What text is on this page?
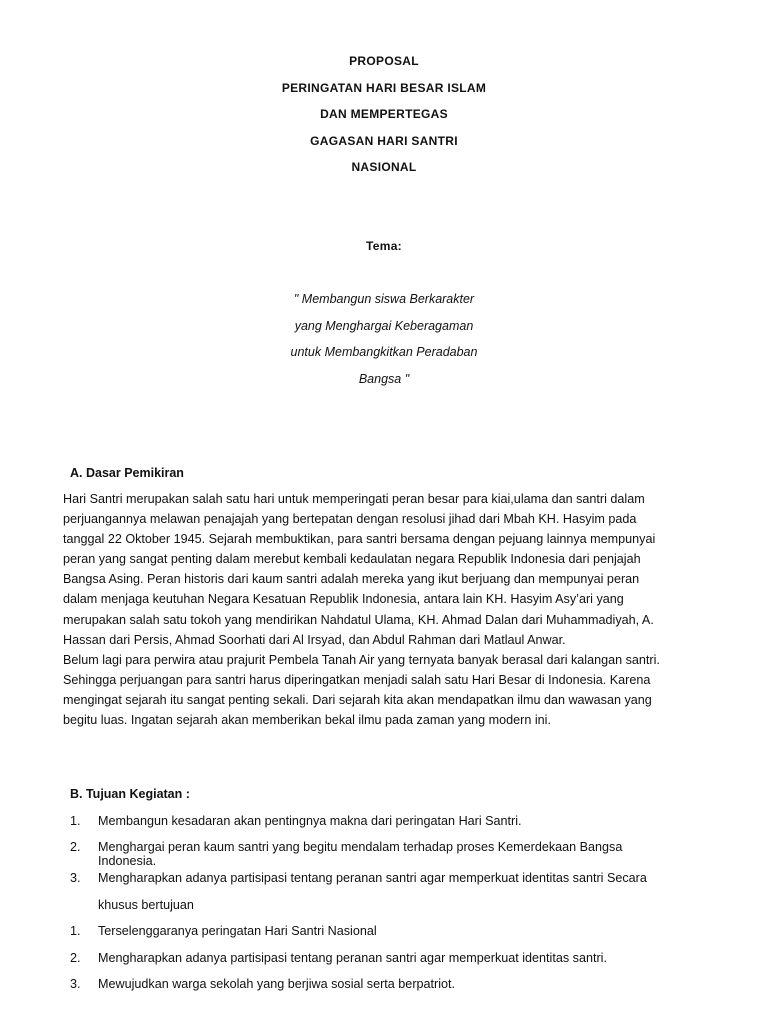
PROPOSAL
PERINGATAN HARI BESAR ISLAM
DAN MEMPERTEGAS
GAGASAN HARI SANTRI
NASIONAL
Tema:
" Membangun siswa Berkarakter
yang Menghargai Keberagaman
untuk Membangkitkan Peradaban
Bangsa "
A. Dasar Pemikiran
Hari Santri merupakan salah satu hari untuk memperingati peran besar para kiai,ulama dan santri dalam
perjuangannya melawan penajajah yang bertepatan dengan resolusi jihad dari Mbah KH. Hasyim pada
tanggal 22 Oktober 1945. Sejarah membuktikan, para santri bersama dengan pejuang lainnya mempunyai
peran yang sangat penting dalam merebut kembali kedaulatan negara Republik Indonesia dari penjajah
Bangsa Asing. Peran historis dari kaum santri adalah mereka yang ikut berjuang dan mempunyai peran
dalam menjaga keutuhan Negara Kesatuan Republik Indonesia, antara lain KH. Hasyim Asy’ari yang
merupakan salah satu tokoh yang mendirikan Nahdatul Ulama, KH. Ahmad Dalan dari Muhammadiyah, A.
Hassan dari Persis, Ahmad Soorhati dari Al Irsyad, dan Abdul Rahman dari Matlaul Anwar.
Belum lagi para perwira atau prajurit Pembela Tanah Air yang ternyata banyak berasal dari kalangan santri.
Sehingga perjuangan para santri harus diperingatkan menjadi salah satu Hari Besar di Indonesia. Karena
mengingat sejarah itu sangat penting sekali. Dari sejarah kita akan mendapatkan ilmu dan wawasan yang
begitu luas. Ingatan sejarah akan memberikan bekal ilmu pada zaman yang modern ini.
B. Tujuan Kegiatan :
1. Membangun kesadaran akan pentingnya makna dari peringatan Hari Santri.
2. Menghargai peran kaum santri yang begitu mendalam terhadap proses Kemerdekaan Bangsa
Indonesia.
3. Mengharapkan adanya partisipasi tentang peranan santri agar memperkuat identitas santri Secara
khusus bertujuan
1. Terselenggaranya peringatan Hari Santri Nasional
2. Mengharapkan adanya partisipasi tentang peranan santri agar memperkuat identitas santri.
3. Mewujudkan warga sekolah yang berjiwa sosial serta berpatriot.
